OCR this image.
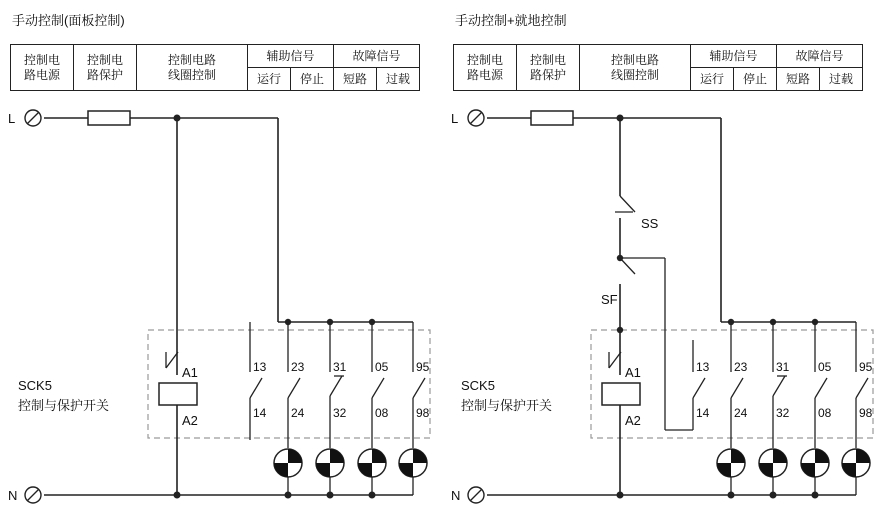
手动控制(面板控制)
控制电
路电源

控制电
路保护

控制电路
线圈控制
	辅助信号	故障信号
			运行	停止	短路	过载
L
A1
A2
13
14
23
24
31
32
05
08
95
98
N
SCK5
控制与保护开关
手动控制+就地控制
控制电
路电源

控制电
路保护

控制电路
线圈控制
	辅助信号	故障信号
			运行	停止	短路	过载
L
SS
SF
A1
A2
13
14
23
24
31
32
05
08
95
98
N
SCK5
控制与保护开关
